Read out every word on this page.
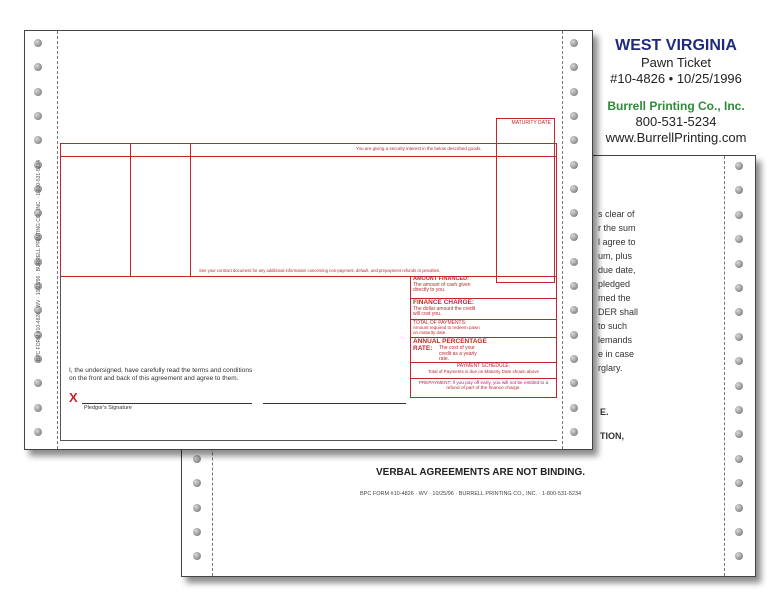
s clear of
r the sum
l agree to
um, plus
due date,
pledged
med the
DER shall
to such
lemands
e in case
rglary.
E.
TION,
VERBAL AGREEMENTS ARE NOT BINDING.
BPC FORM #10-4826 · WV · 10/25/96 · BURRELL PRINTING CO., INC. · 1-800-531-5234
BPC FORM #10-4826 · WV · 10/25/96 · BURRELL PRINTING CO., INC. · 1-800-531-5234
MATURITY DATE
You are giving a security interest in the below described goods.
See your contract document for any additional information concerning non-payment, default, and prepayment refunds or penalties.
AMOUNT FINANCED:
The amount of cash given directly to you.
FINANCE CHARGE:
The dollar amount the credit will cost you.
TOTAL OF PAYMENTS:
Amount required to redeem pawn on maturity date.
ANNUAL PERCENTAGE RATE:	The cost of your credit as a yearly rate.
PAYMENT SCHEDULE:
Total of Payments is due on Maturity Date shown above
PREPAYMENT: If you pay off early, you will not be entitled to a refund of part of the finance charge.
I, the undersigned, have carefully read the terms and conditions
on the front and back of this agreement and agree to them.
X
Pledgor's Signature
WEST VIRGINIA
Pawn Ticket
#10-4826 • 10/25/1996
Burrell Printing Co., Inc.
800-531-5234
www.BurrellPrinting.com
